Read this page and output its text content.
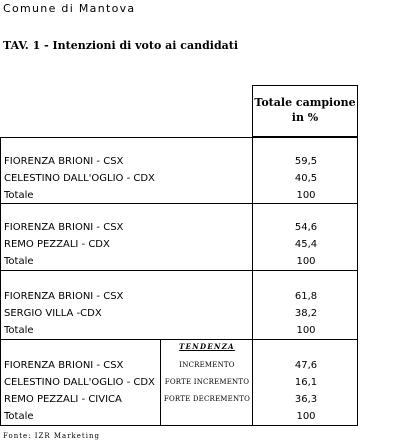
Comune di Mantova
TAV. 1 - Intenzioni di voto ai candidati
Totale campione
in %
FIORENZA BRIONI - CSX	59,5
CELESTINO DALL'OGLIO - CDX	40,5
Totale	100
FIORENZA BRIONI - CSX	54,6
REMO PEZZALI - CDX	45,4
Totale	100
FIORENZA BRIONI - CSX	61,8
SERGIO VILLA -CDX	38,2
Totale	100
TENDENZA
FIORENZA BRIONI - CSX	INCREMENTO	47,6
CELESTINO DALL'OGLIO - CDX	FORTE INCREMENTO	16,1
REMO PEZZALI - CIVICA	FORTE DECREMENTO	36,3
Totale	100
Fonte: IZR Marketing
